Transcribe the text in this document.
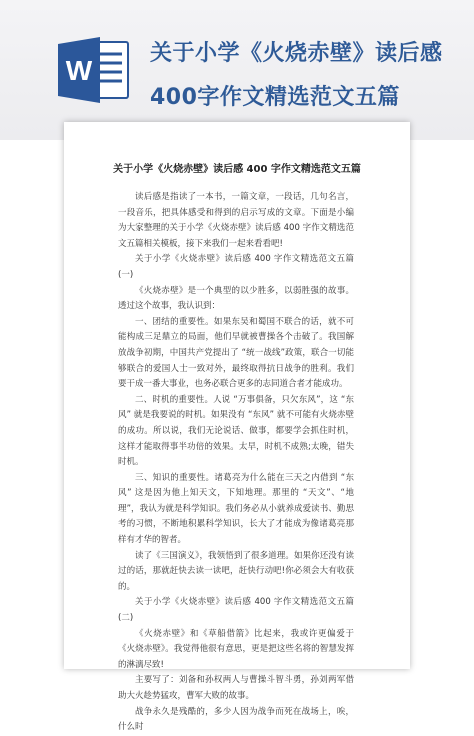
W
关于小学《火烧赤壁》读后感
400字作文精选范文五篇
关于小学《火烧赤壁》读后感 400 字作文精选范文五篇

读后感是指读了一本书，一篇文章，一段话，几句名言，一段音乐，把具体感受和得到的启示写成的文章。下面是小编为大家整理的关于小学《火烧赤壁》读后感 400 字作文精选范文五篇相关模板，接下来我们一起来看看吧!

关于小学《火烧赤壁》读后感 400 字作文精选范文五篇(一)

《火烧赤壁》是一个典型的以少胜多，以弱胜强的故事。透过这个故事，我认识到：

一、团结的重要性。如果东吴和蜀国不联合的话，就不可能构成三足鼎立的局面，他们早就被曹操各个击破了。我国解放战争初期，中国共产党提出了 “统一战线”政策，联合一切能够联合的爱国人士一致对外，最终取得抗日战争的胜利。我们要干成一番大事业，也务必联合更多的志同道合者才能成功。

二、时机的重要性。人说 “万事俱备，只欠东风”，这 “东风” 就是我要说的时机。如果没有 “东风” 就不可能有火烧赤壁的成功。所以说，我们无论说话、做事，都要学会抓住时机，这样才能取得事半功倍的效果。太早，时机不成熟;太晚，错失时机。

三、知识的重要性。诸葛亮为什么能在三天之内借到 “东风” 这是因为他上知天文，下知地理。那里的 “天文”、“地理”，我认为就是科学知识。我们务必从小就养成爱读书、勤思考的习惯，不断地积累科学知识，长大了才能成为像诸葛亮那样有才华的智者。

读了《三国演义》，我领悟到了很多道理。如果你还没有读过的话，那就赶快去读一读吧，赶快行动吧!你必须会大有收获的。

关于小学《火烧赤壁》读后感 400 字作文精选范文五篇(二)

《火烧赤壁》和《草船借箭》比起来，我或许更偏爱于《火烧赤壁》。我觉得他很有意思，更是把这些名将的智慧发挥的淋漓尽致!

主要写了：刘备和孙权两人与曹操斗智斗勇，孙刘两军借助大火趁势猛攻，曹军大败的故事。

战争永久是残酷的，多少人因为战争而死在战场上，唉，什么时
